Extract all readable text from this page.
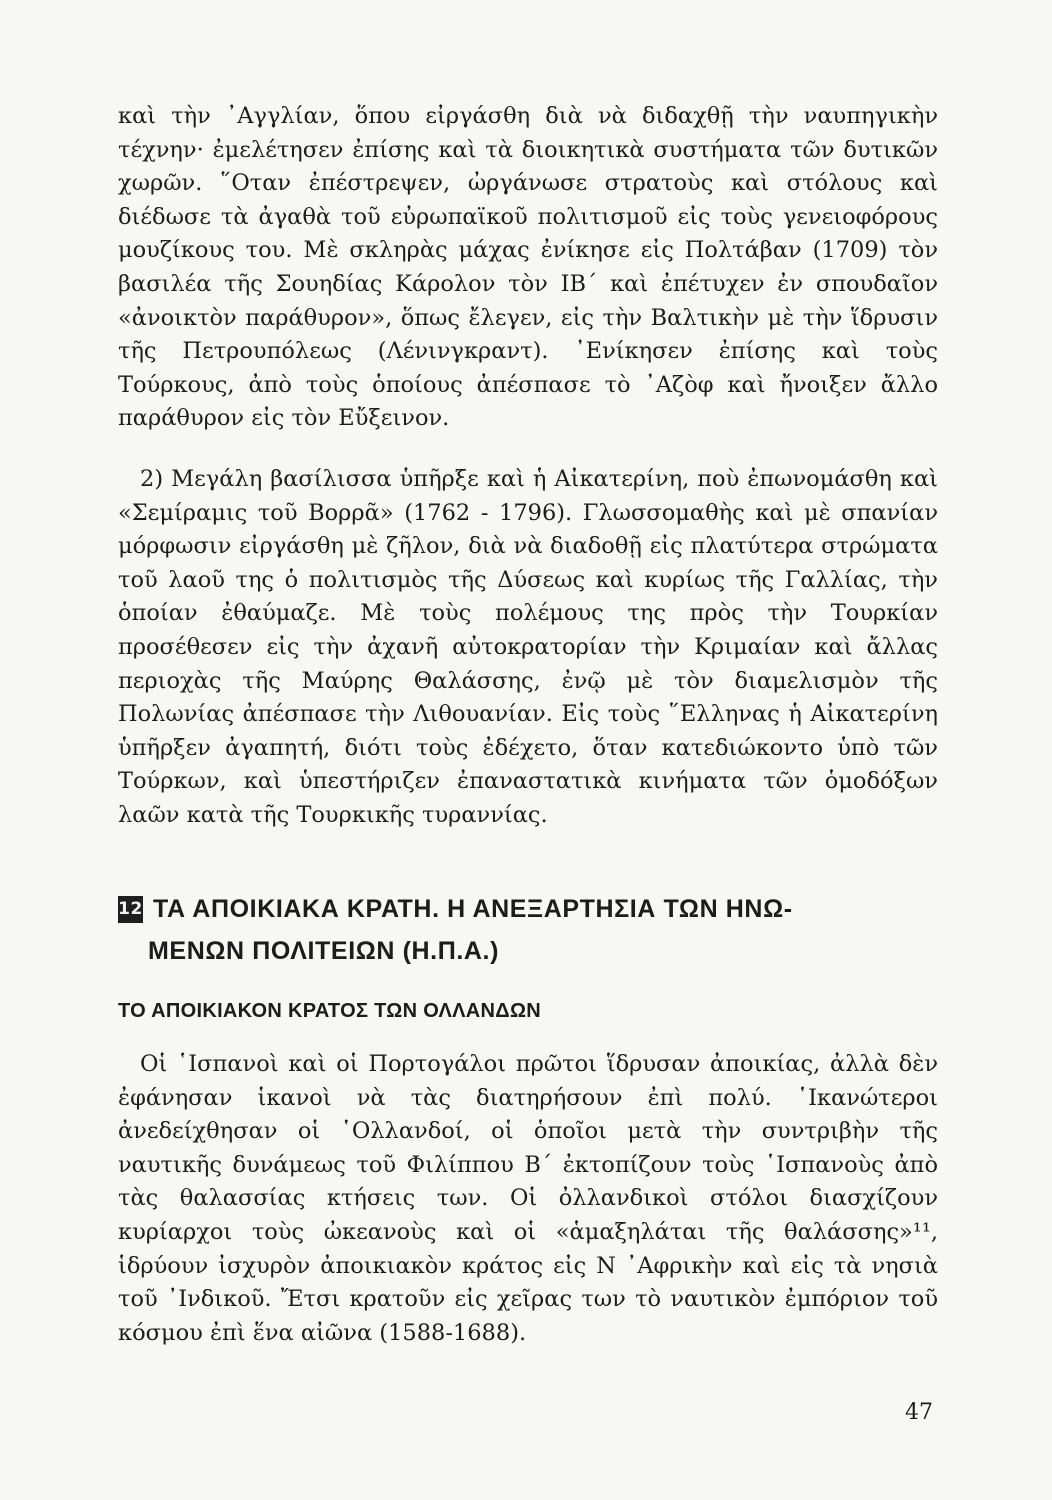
καὶ τὴν ᾿Αγγλίαν, ὅπου εἰργάσθη διὰ νὰ διδαχθῇ τὴν ναυπηγικὴν τέχνην· ἐμελέτησεν ἐπίσης καὶ τὰ διοικητικὰ συστήματα τῶν δυτικῶν χωρῶν. ῞Οταν ἐπέστρεψεν, ὠργάνωσε στρατοὺς καὶ στόλους καὶ διέδωσε τὰ ἀγαθὰ τοῦ εὐρωπαϊκοῦ πολιτισμοῦ εἰς τοὺς γενειοφόρους μουζίκους του. Μὲ σκληρὰς μάχας ἐνίκησε εἰς Πολτάβαν (1709) τὸν βασιλέα τῆς Σουηδίας Κάρολον τὸν ΙΒ΄ καὶ ἐπέτυχεν ἐν σπουδαῖον «ἀνοικτὸν παράθυρον», ὅπως ἔλεγεν, εἰς τὴν Βαλτικὴν μὲ τὴν ἵδρυσιν τῆς Πετρουπόλεως (Λένινγκραντ). ᾿Ενίκησεν ἐπίσης καὶ τοὺς Τούρκους, ἀπὸ τοὺς ὁποίους ἀπέσπασε τὸ ᾿Αζὸφ καὶ ἤνοιξεν ἄλλο παράθυρον εἰς τὸν Εὔξεινον.

2) Μεγάλη βασίλισσα ὑπῆρξε καὶ ἡ Αἰκατερίνη, ποὺ ἐπωνομάσθη καὶ «Σεμίραμις τοῦ Βορρᾶ» (1762 - 1796). Γλωσσομαθὴς καὶ μὲ σπανίαν μόρφωσιν εἰργάσθη μὲ ζῆλον, διὰ νὰ διαδοθῇ εἰς πλατύτερα στρώματα τοῦ λαοῦ της ὁ πολιτισμὸς τῆς Δύσεως καὶ κυρίως τῆς Γαλλίας, τὴν ὁποίαν ἐθαύμαζε. Μὲ τοὺς πολέμους της πρὸς τὴν Τουρκίαν προσέθεσεν εἰς τὴν ἀχανῆ αὐτοκρατορίαν τὴν Κριμαίαν καὶ ἄλλας περιοχὰς τῆς Μαύρης Θαλάσσης, ἐνῷ μὲ τὸν διαμελισμὸν τῆς Πολωνίας ἀπέσπασε τὴν Λιθουανίαν. Εἰς τοὺς ῞Ελληνας ἡ Αἰκατερίνη ὑπῆρξεν ἀγαπητή, διότι τοὺς ἐδέχετο, ὅταν κατεδιώκοντο ὑπὸ τῶν Τούρκων, καὶ ὑπεστήριζεν ἐπαναστατικὰ κινήματα τῶν ὁμοδόξων λαῶν κατὰ τῆς Τουρκικῆς τυραννίας.

12 ΤΑ ΑΠΟΙΚΙΑΚΑ ΚΡΑΤΗ. Η ΑΝΕΞΑΡΤΗΣΙΑ ΤΩΝ ΗΝΩ-
ΜΕΝΩΝ ΠΟΛΙΤΕΙΩΝ (Η.Π.Α.)
ΤΟ ΑΠΟΙΚΙΑΚΟΝ ΚΡΑΤΟΣ ΤΩΝ ΟΛΛΑΝΔΩΝ

Οἱ ῾Ισπανοὶ καὶ οἱ Πορτογάλοι πρῶτοι ἵδρυσαν ἀποικίας, ἀλλὰ δὲν ἐφάνησαν ἱκανοὶ νὰ τὰς διατηρήσουν ἐπὶ πολύ. ῾Ικανώτεροι ἀνεδείχθησαν οἱ ῾Ολλανδοί, οἱ ὁποῖοι μετὰ τὴν συντριβὴν τῆς ναυτικῆς δυνάμεως τοῦ Φιλίππου Β΄ ἐκτοπίζουν τοὺς ῾Ισπανοὺς ἀπὸ τὰς θαλασσίας κτήσεις των. Οἱ ὀλλανδικοὶ στόλοι διασχίζουν κυρίαρχοι τοὺς ὠκεανοὺς καὶ οἱ «ἁμαξηλάται τῆς θαλάσσης»¹¹, ἱδρύουν ἰσχυρὸν ἀποικιακὸν κράτος εἰς Ν ᾿Αφρικὴν καὶ εἰς τὰ νησιὰ τοῦ ᾿Ινδικοῦ. Ἔτσι κρατοῦν εἰς χεῖρας των τὸ ναυτικὸν ἐμπόριον τοῦ κόσμου ἐπὶ ἕνα αἰῶνα (1588-1688).

47
